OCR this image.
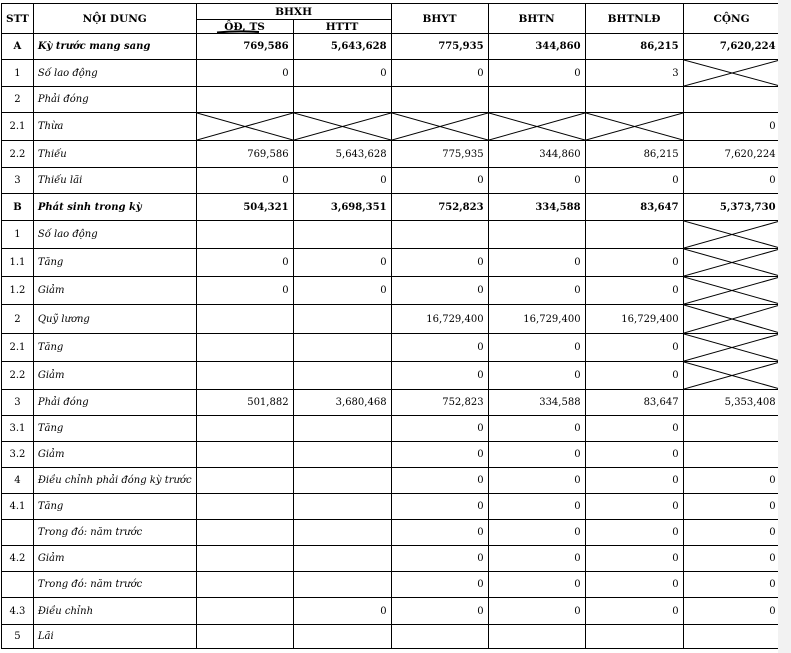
STT	NỘI DUNG	BHXH		BHYT	BHTN	BHTNLĐ	CỘNG
		ÔĐ, TS	HTTT				
A	Kỳ trước mang sang	769,586	5,643,628	775,935	344,860	86,215	7,620,224
1	Số lao động	0	0	0	0	3	

2	Phải đóng						
2.1	Thừa						0
2.2	Thiếu	769,586	5,643,628	775,935	344,860	86,215	7,620,224
3	Thiếu lãi	0	0	0	0	0	0
B	Phát sinh trong kỳ	504,321	3,698,351	752,823	334,588	83,647	5,373,730
1	Số lao động						

1.1	Tăng	0	0	0	0	0	

1.2	Giảm	0	0	0	0	0	

2	Quỹ lương			16,729,400	16,729,400	16,729,400	

2.1	Tăng			0	0	0	

2.2	Giảm			0	0	0	

3	Phải đóng	501,882	3,680,468	752,823	334,588	83,647	5,353,408
3.1	Tăng			0	0	0	
3.2	Giảm			0	0	0	
4	Điều chỉnh phải đóng kỳ trước			0	0	0	0
4.1	Tăng			0	0	0	0
	Trong đó: năm trước			0	0	0	0
4.2	Giảm			0	0	0	0
	Trong đó: năm trước			0	0	0	0
4.3	Điều chỉnh		0	0	0	0	0
5	Lãi						
